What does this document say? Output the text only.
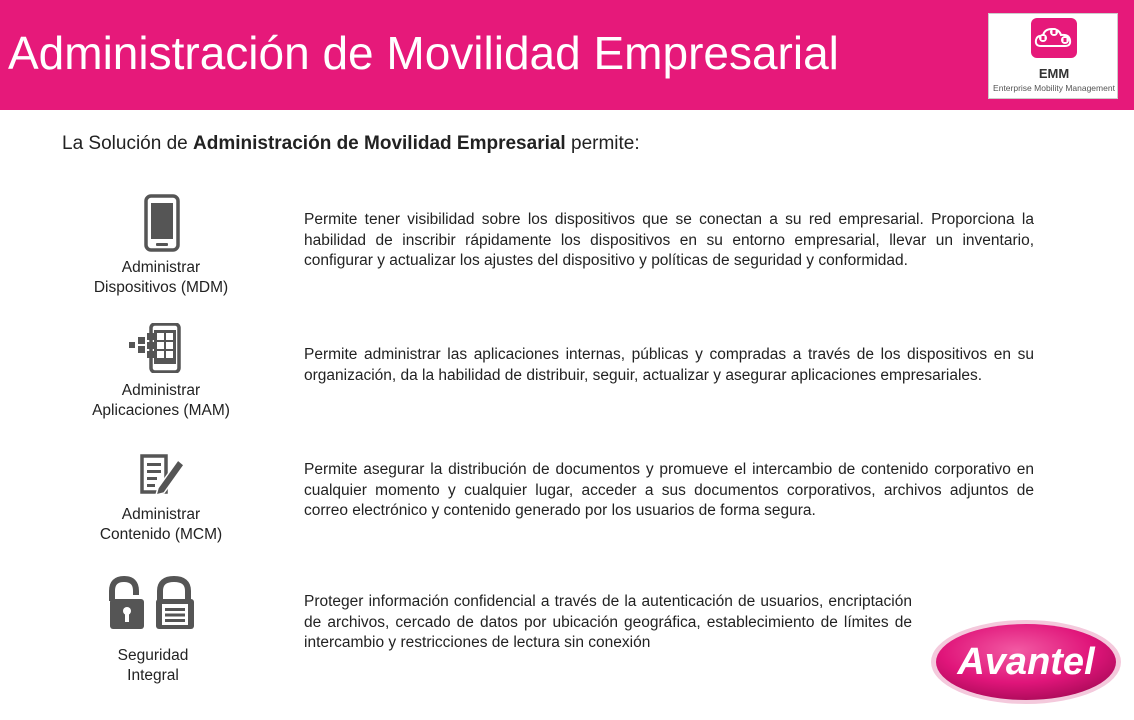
Administración de Movilidad Empresarial	EMM
Enterprise Mobility Management
La Solución de Administración de Movilidad Empresarial permite:
Administrar
Dispositivos (MDM)
Permite tener visibilidad sobre los dispositivos que se conectan a su red empresarial. Proporciona la habilidad de inscribir rápidamente los dispositivos en su entorno empresarial, llevar un inventario, configurar y actualizar los ajustes del dispositivo y políticas de seguridad y conformidad.
Administrar
Aplicaciones (MAM)
Permite administrar las aplicaciones internas, públicas y compradas a través de los dispositivos en su organización, da la habilidad de distribuir, seguir, actualizar y asegurar aplicaciones empresariales.
Administrar
Contenido (MCM)
Permite asegurar la distribución de documentos y promueve el intercambio de contenido corporativo en cualquier momento y cualquier lugar, acceder a sus documentos corporativos, archivos adjuntos de correo electrónico y contenido generado por los usuarios de forma segura.
Seguridad
Integral
Proteger información confidencial a través de la autenticación de usuarios, encriptación de archivos, cercado de datos por ubicación geográfica, establecimiento de límites de intercambio y restricciones de lectura sin conexión	Avantel
